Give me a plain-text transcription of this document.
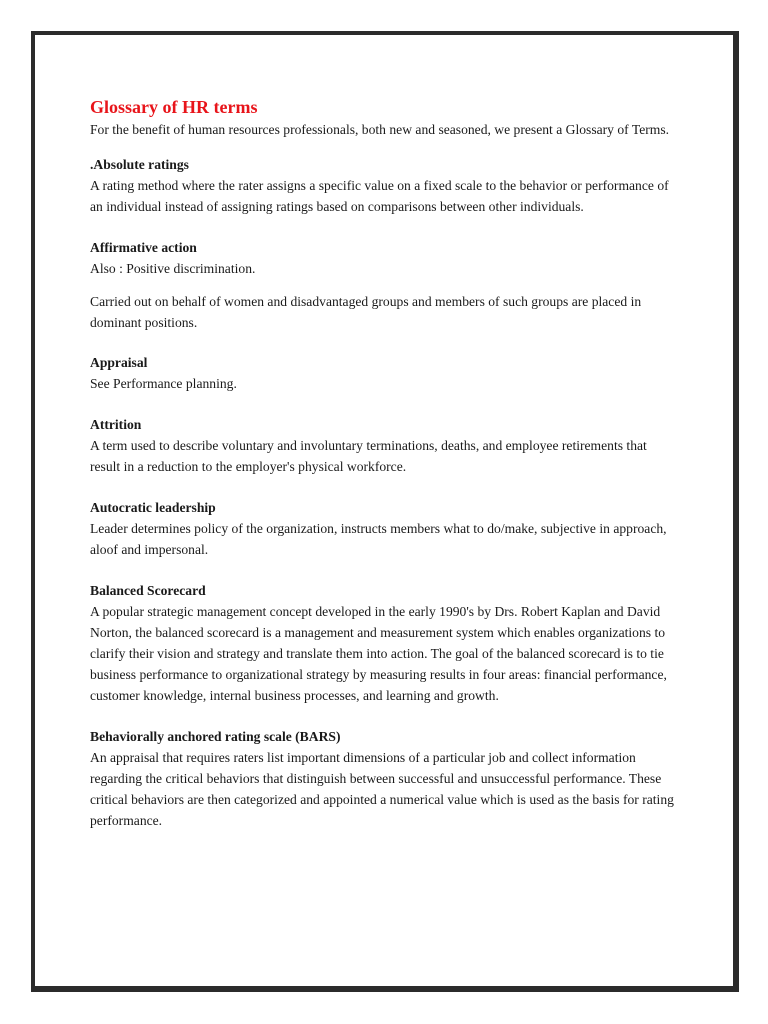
Glossary of HR terms

For the benefit of human resources professionals, both new and seasoned, we present a Glossary of Terms.

.Absolute ratings

A rating method where the rater assigns a specific value on a fixed scale to the behavior or performance of an individual instead of assigning ratings based on comparisons between other individuals.

Affirmative action

Also : Positive discrimination.

Carried out on behalf of women and disadvantaged groups and members of such groups are placed in dominant positions.

Appraisal

See Performance planning.

Attrition

A term used to describe voluntary and involuntary terminations, deaths, and employee retirements that result in a reduction to the employer's physical workforce.

Autocratic leadership

Leader determines policy of the organization, instructs members what to do/make, subjective in approach, aloof and impersonal.

Balanced Scorecard

A popular strategic management concept developed in the early 1990's by Drs. Robert Kaplan and David Norton, the balanced scorecard is a management and measurement system which enables organizations to clarify their vision and strategy and translate them into action. The goal of the balanced scorecard is to tie business performance to organizational strategy by measuring results in four areas: financial performance, customer knowledge, internal business processes, and learning and growth.

Behaviorally anchored rating scale (BARS)

An appraisal that requires raters list important dimensions of a particular job and collect information regarding the critical behaviors that distinguish between successful and unsuccessful performance. These critical behaviors are then categorized and appointed a numerical value which is used as the basis for rating performance.
